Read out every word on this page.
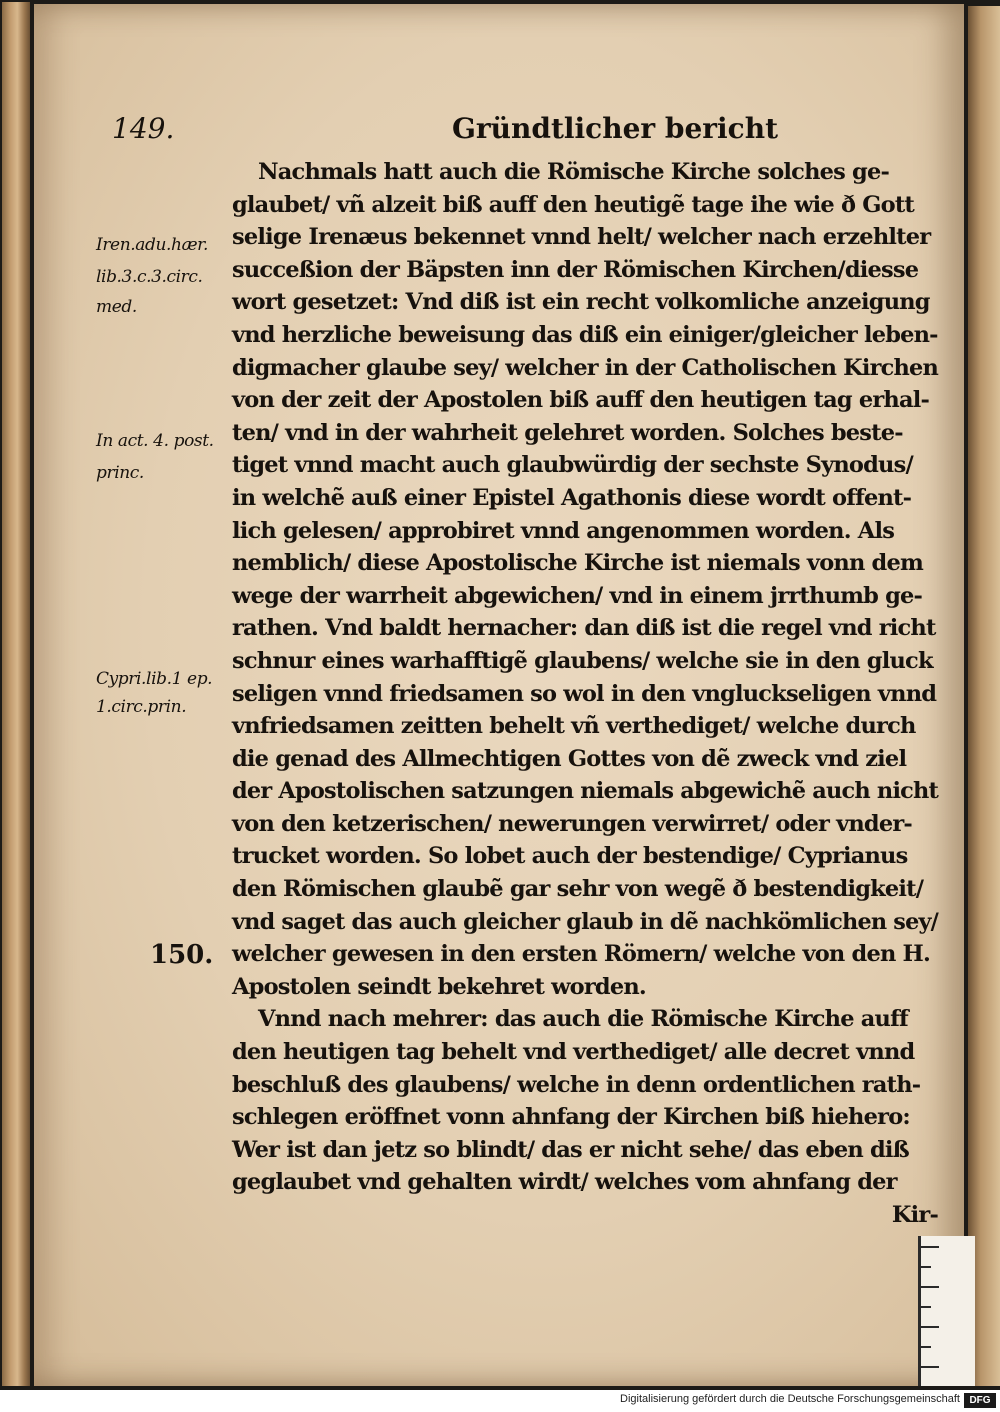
149.	Gründtlicher bericht
Iren.adu.hær.
lib.3.c.3.circ.
med.
In act. 4. post.
princ.
Cypri.lib.1 ep.
1.circ.prin.
150.
Nachmals hatt auch die Römische Kirche solches ge-
glaubet/ vñ alzeit biß auff den heutigẽ tage ihe wie ð Gott
selige Irenæus bekennet vnnd helt/ welcher nach erzehlter
succeßion der Bäpsten inn der Römischen Kirchen/diesse
wort gesetzet: Vnd diß ist ein recht volkomliche anzeigung
vnd herzliche beweisung das diß ein einiger/gleicher leben-
digmacher glaube sey/ welcher in der Catholischen Kirchen
von der zeit der Apostolen biß auff den heutigen tag erhal-
ten/ vnd in der wahrheit gelehret worden. Solches beste-
tiget vnnd macht auch glaubwürdig der sechste Synodus/
in welchẽ auß einer Epistel Agathonis diese wordt offent-
lich gelesen/ approbiret vnnd angenommen worden. Als
nemblich/ diese Apostolische Kirche ist niemals vonn dem
wege der warrheit abgewichen/ vnd in einem jrrthumb ge-
rathen. Vnd baldt hernacher: dan diß ist die regel vnd richt
schnur eines warhafftigẽ glaubens/ welche sie in den gluck
seligen vnnd friedsamen so wol in den vngluckseligen vnnd
vnfriedsamen zeitten behelt vñ verthediget/ welche durch
die genad des Allmechtigen Gottes von dẽ zweck vnd ziel
der Apostolischen satzungen niemals abgewichẽ auch nicht
von den ketzerischen/ newerungen verwirret/ oder vnder-
trucket worden. So lobet auch der bestendige/ Cyprianus
den Römischen glaubẽ gar sehr von wegẽ ð bestendigkeit/
vnd saget das auch gleicher glaub in dẽ nachkömlichen sey/
welcher gewesen in den ersten Römern/ welche von den H.
Apostolen seindt bekehret worden.
Vnnd nach mehrer: das auch die Römische Kirche auff
den heutigen tag behelt vnd verthediget/ alle decret vnnd
beschluß des glaubens/ welche in denn ordentlichen rath-
schlegen eröffnet vonn ahnfang der Kirchen biß hiehero:
Wer ist dan jetz so blindt/ das er nicht sehe/ das eben diß
geglaubet vnd gehalten wirdt/ welches vom ahnfang der
Kir-
Digitalisierung gefördert durch die Deutsche Forschungsgemeinschaft DFG
